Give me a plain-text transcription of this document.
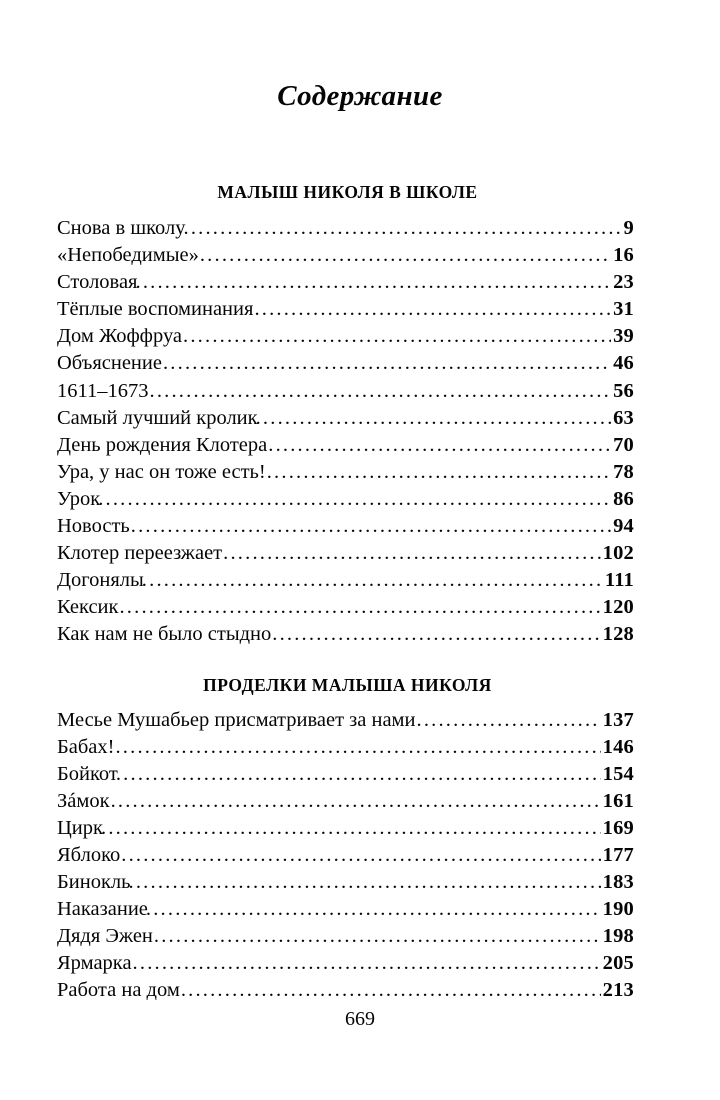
Содержание
МАЛЫШ НИКОЛЯ В ШКОЛЕ
Снова в школу .....	9
«Непобедимые» .....	16
Столовая .....	23
Тёплые воспоминания .....	31
Дом Жоффруа .....	39
Объяснение .....	46
1611–1673 .....	56
Самый лучший кролик .....	63
День рождения Клотера .....	70
Ура, у нас он тоже есть! .....	78
Урок .....	86
Новость .....	94
Клотер переезжает .....	102
Догонялы .....	111
Кексик .....	120
Как нам не было стыдно .....	128
ПРОДЕЛКИ МАЛЫША НИКОЛЯ
Месье Мушабьер присматривает за нами .....	137
Бабах! .....	146
Бойкот .....	154
Зáмок .....	161
Цирк .....	169
Яблоко .....	177
Бинокль .....	183
Наказание .....	190
Дядя Эжен .....	198
Ярмарка .....	205
Работа на дом .....	213
669
